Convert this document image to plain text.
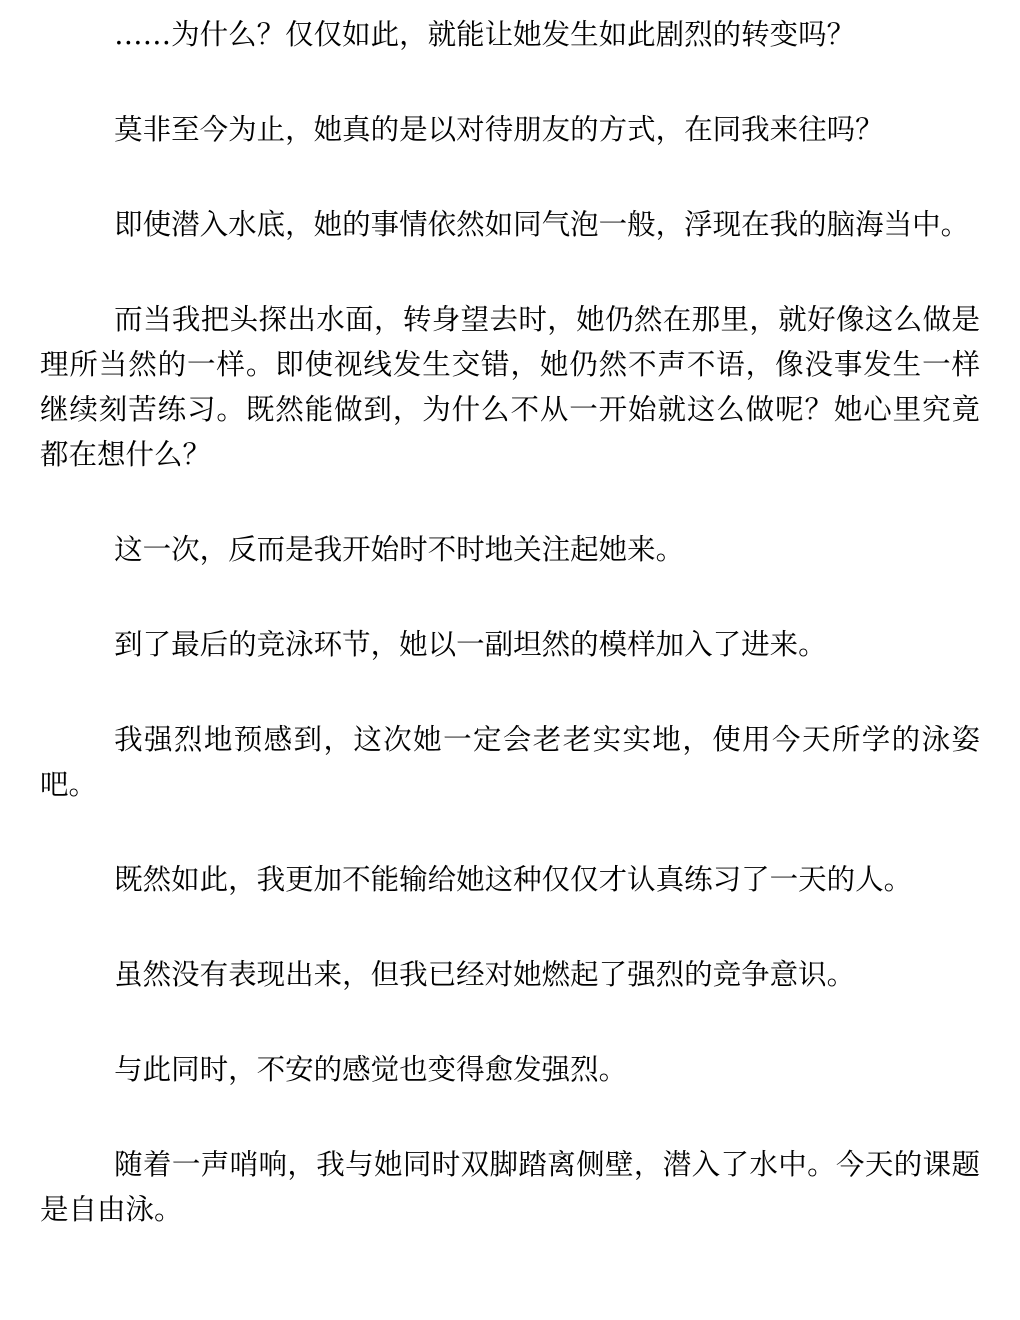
……为什么？仅仅如此，就能让她发生如此剧烈的转变吗？

莫非至今为止，她真的是以对待朋友的方式，在同我来往吗？

即使潜入水底，她的事情依然如同气泡一般，浮现在我的脑海当中。

而当我把头探出水面，转身望去时，她仍然在那里，就好像这么做是理所当然的一样。即使视线发生交错，她仍然不声不语，像没事发生一样继续刻苦练习。既然能做到，为什么不从一开始就这么做呢？她心里究竟都在想什么？

这一次，反而是我开始时不时地关注起她来。

到了最后的竞泳环节，她以一副坦然的模样加入了进来。

我强烈地预感到，这次她一定会老老实实地，使用今天所学的泳姿吧。

既然如此，我更加不能输给她这种仅仅才认真练习了一天的人。

虽然没有表现出来，但我已经对她燃起了强烈的竞争意识。

与此同时，不安的感觉也变得愈发强烈。

随着一声哨响，我与她同时双脚踏离侧壁，潜入了水中。今天的课题是自由泳。
